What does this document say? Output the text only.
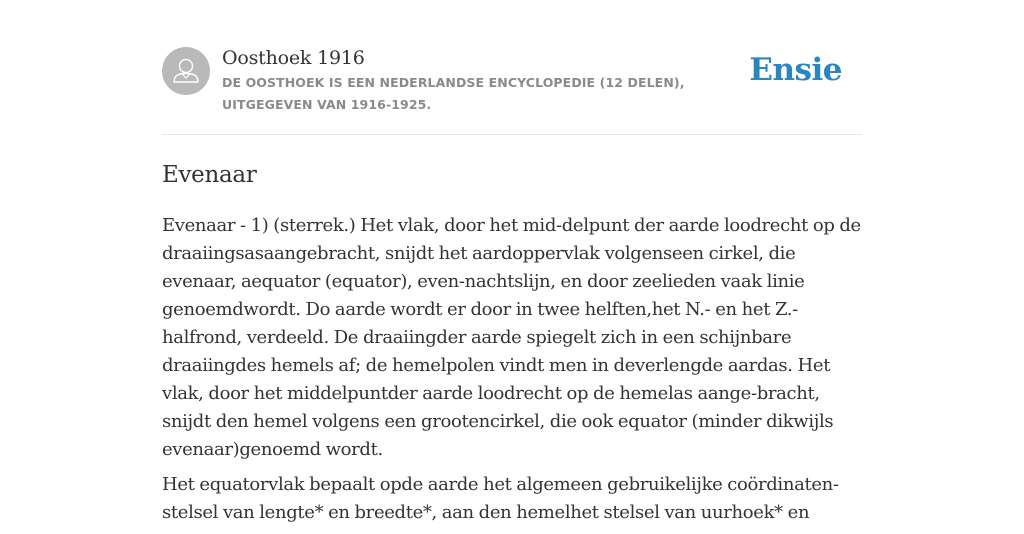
Oosthoek 1916
DE OOSTHOEK IS EEN NEDERLANDSE ENCYCLOPEDIE (12 DELEN), UITGEGEVEN VAN 1916-1925.
Ensie
Evenaar

Evenaar - 1) (sterrek.) Het vlak, door het mid-delpunt der aarde loodrecht op de draaiingsasaangebracht, snijdt het aardoppervlak volgenseen cirkel, die evenaar, aequator (equator), even-nachtslijn, en door zeelieden vaak linie genoemdwordt. Do aarde wordt er door in twee helften,het N.- en het Z.-halfrond, verdeeld. De draaiingder aarde spiegelt zich in een schijnbare draaiingdes hemels af; de hemelpolen vindt men in deverlengde aardas. Het vlak, door het middelpuntder aarde loodrecht op de hemelas aange-bracht, snijdt den hemel volgens een grootencirkel, die ook equator (minder dikwijls evenaar)genoemd wordt.

Het equatorvlak bepaalt opde aarde het algemeen gebruikelijke coördinaten-stelsel van lengte* en breedte*, aan den hemelhet stelsel van uurhoek* en
